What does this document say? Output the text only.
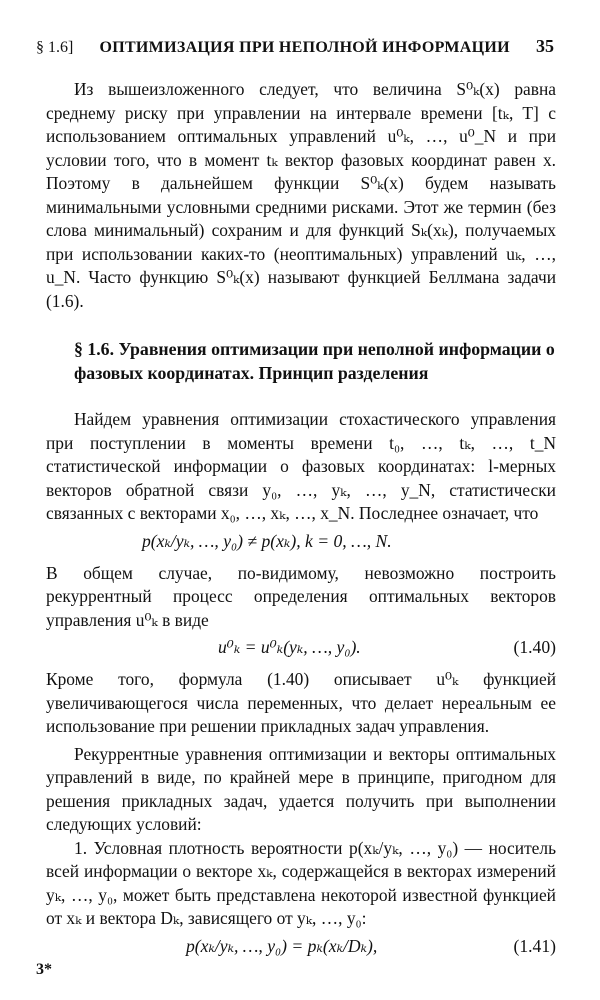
§ 1.6] ОПТИМИЗАЦИЯ ПРИ НЕПОЛНОЙ ИНФОРМАЦИИ 35

Из вышеизложенного следует, что величина S⁰ₖ(x) равна среднему риску при управлении на интервале времени [tₖ, T] с использованием оптимальных управлений u⁰ₖ, …, u⁰_N и при условии того, что в момент tₖ вектор фазовых координат равен x. Поэтому в дальнейшем функции S⁰ₖ(x) будем называть минимальными условными средними рисками. Этот же термин (без слова минимальный) сохраним и для функций Sₖ(xₖ), получаемых при использовании каких-то (неоптимальных) управлений uₖ, …, u_N. Часто функцию S⁰ₖ(x) называют функцией Беллмана задачи (1.6).

§ 1.6. Уравнения оптимизации при неполной информации о фазовых координатах. Принцип разделения

Найдем уравнения оптимизации стохастического управления при поступлении в моменты времени t₀, …, tₖ, …, t_N статистической информации о фазовых координатах: l-мерных векторов обратной связи y₀, …, yₖ, …, y_N, статистически связанных с векторами x₀, …, xₖ, …, x_N. Последнее означает, что

p(xₖ/yₖ, …, y₀) ≠ p(xₖ), k = 0, …, N.

В общем случае, по-видимому, невозможно построить рекуррентный процесс определения оптимальных векторов управления u⁰ₖ в виде

u⁰ₖ = u⁰ₖ(yₖ, …, y₀).	(1.40)

Кроме того, формула (1.40) описывает u⁰ₖ функцией увеличивающегося числа переменных, что делает нереальным ее использование при решении прикладных задач управления.

Рекуррентные уравнения оптимизации и векторы оптимальных управлений в виде, по крайней мере в принципе, пригодном для решения прикладных задач, удается получить при выполнении следующих условий:

1. Условная плотность вероятности p(xₖ/yₖ, …, y₀) — носитель всей информации о векторе xₖ, содержащейся в векторах измерений yₖ, …, y₀, может быть представлена некоторой известной функцией от xₖ и вектора Dₖ, зависящего от yₖ, …, y₀:

p(xₖ/yₖ, …, y₀) = pₖ(xₖ/Dₖ),	(1.41)
3*
